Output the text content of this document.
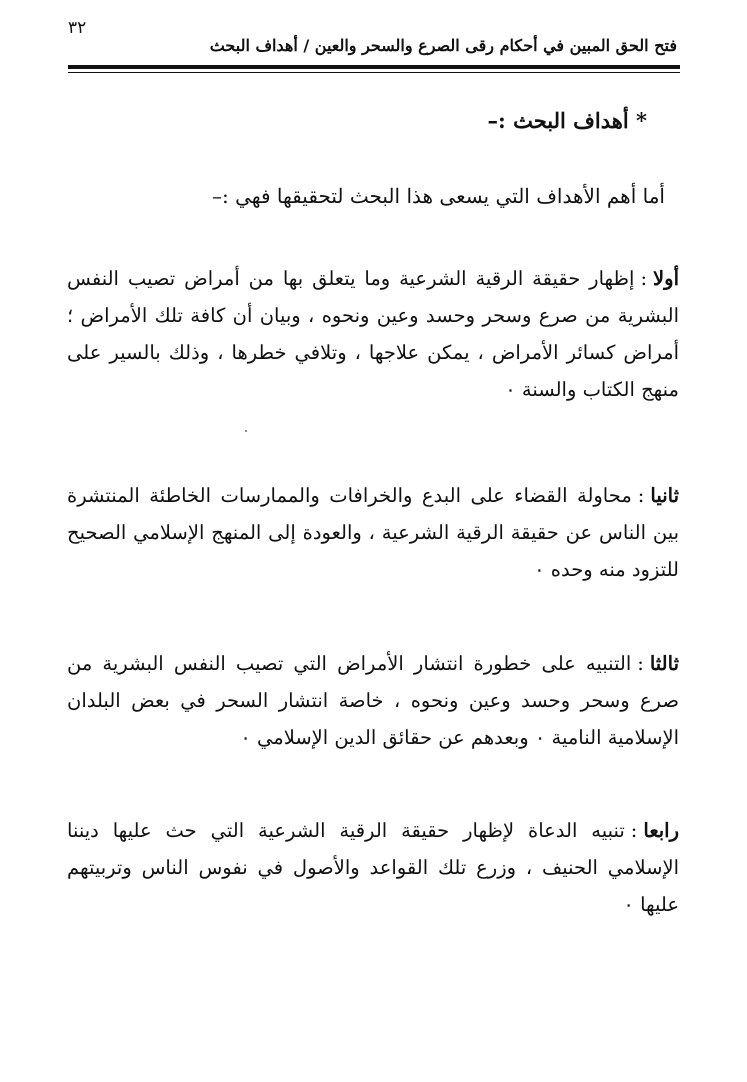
٣٢
فتح الحق المبين في أحكام رقى الصرع والسحر والعين / أهداف البحث
* أهداف البحث :–
أما أهم الأهداف التي يسعى هذا البحث لتحقيقها فهي :–
أولا:إظهار حقيقة الرقية الشرعية وما يتعلق بها من أمراض تصيب النفس البشرية من صرع وسحر وحسد وعين ونحوه ، وبيان أن كافة تلك الأمراض ؛ أمراض كسائر الأمراض ، يمكن علاجها ، وتلافي خطرها ، وذلك بالسير على منهج الكتاب والسنة ٠
ثانيا:محاولة القضاء على البدع والخرافات والممارسات الخاطئة المنتشرة بين الناس عن حقيقة الرقية الشرعية ، والعودة إلى المنهج الإسلامي الصحيح للتزود منه وحده ٠
ثالثا:التنبيه على خطورة انتشار الأمراض التي تصيب النفس البشرية من صرع وسحر وحسد وعين ونحوه ، خاصة انتشار السحر في بعض البلدان الإسلامية النامية ٠ وبعدهم عن حقائق الدين الإسلامي ٠
رابعا:تنبيه الدعاة لإظهار حقيقة الرقية الشرعية التي حث عليها ديننا الإسلامي الحنيف ، وزرع تلك القواعد والأصول في نفوس الناس وتربيتهم عليها ٠
